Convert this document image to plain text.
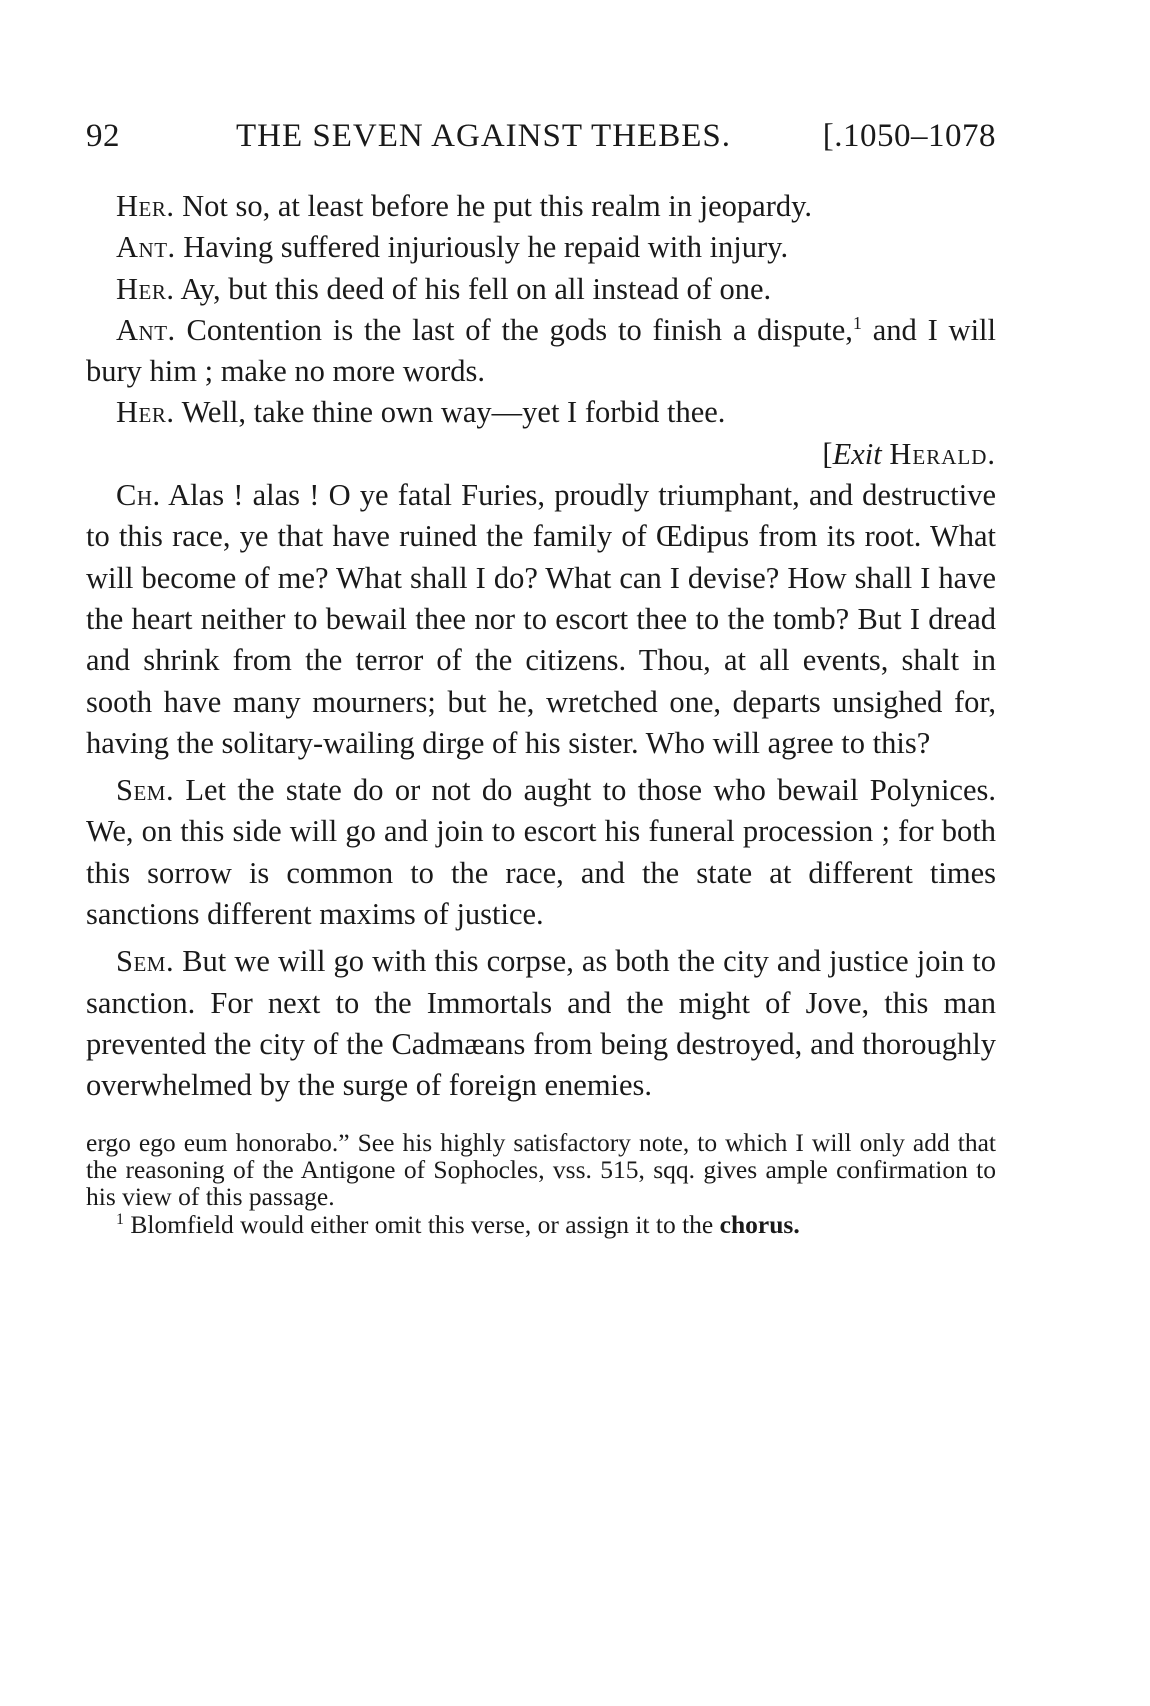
92	THE SEVEN AGAINST THEBES.	[.1050–1078

Her. Not so, at least before he put this realm in jeopardy.

Ant. Having suffered injuriously he repaid with injury.

Her. Ay, but this deed of his fell on all instead of one.

Ant. Contention is the last of the gods to finish a dispute,$^1$ and I will bury him ; make no more words.

Her. Well, take thine own way—yet I forbid thee.

[Exit Herald.

Ch. Alas ! alas ! O ye fatal Furies, proudly triumphant, and destructive to this race, ye that have ruined the family of Œdipus from its root. What will become of me? What shall I do? What can I devise? How shall I have the heart neither to bewail thee nor to escort thee to the tomb? But I dread and shrink from the terror of the citizens. Thou, at all events, shalt in sooth have many mourners; but he, wretched one, departs unsighed for, having the solitary-wailing dirge of his sister. Who will agree to this?

Sem. Let the state do or not do aught to those who bewail Polynices. We, on this side will go and join to escort his funeral procession ; for both this sorrow is common to the race, and the state at different times sanctions different maxims of justice.

Sem. But we will go with this corpse, as both the city and justice join to sanction. For next to the Immortals and the might of Jove, this man prevented the city of the Cadmæans from being destroyed, and thoroughly overwhelmed by the surge of foreign enemies.

ergo ego eum honorabo.” See his highly satisfactory note, to which I will only add that the reasoning of the Antigone of Sophocles, vss. 515, sqq. gives ample confirmation to his view of this passage.

$^1$ Blomfield would either omit this verse, or assign it to the chorus.
